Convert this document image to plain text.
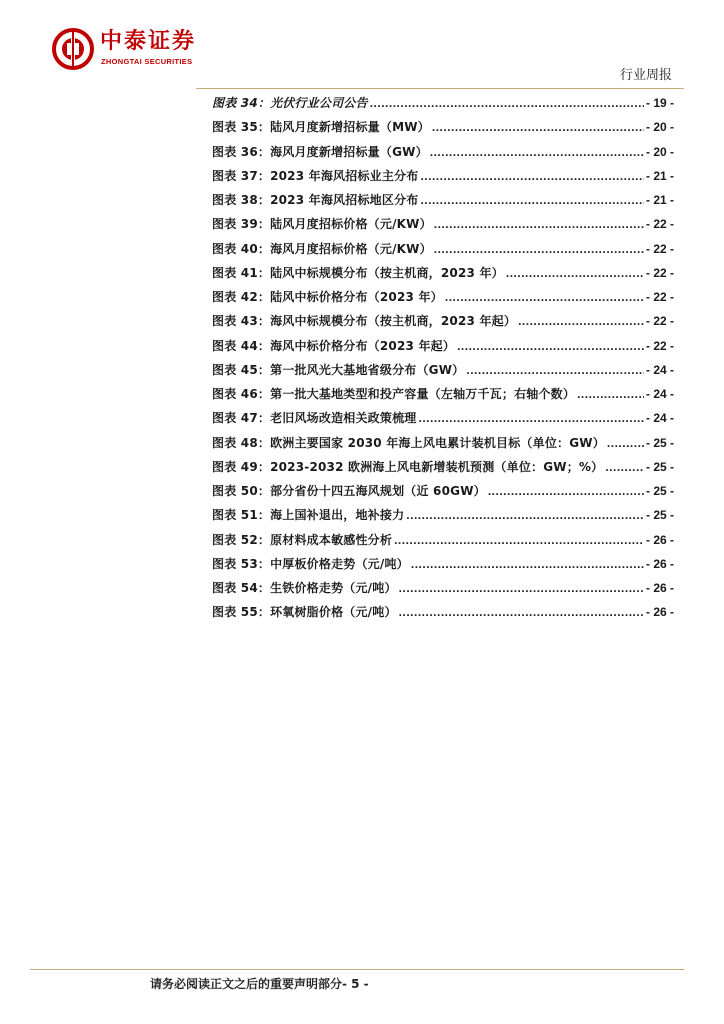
中泰证券
ZHONGTAI SECURITIES
行业周报
图表 34：光伏行业公司公告 .....	- 19 -
图表 35：陆风月度新增招标量（MW） .....	- 20 -
图表 36：海风月度新增招标量（GW） .....	- 20 -
图表 37：2023 年海风招标业主分布 .....	- 21 -
图表 38：2023 年海风招标地区分布 .....	- 21 -
图表 39：陆风月度招标价格（元/KW） .....	- 22 -
图表 40：海风月度招标价格（元/KW） .....	- 22 -
图表 41：陆风中标规模分布（按主机商，2023 年） .....	- 22 -
图表 42：陆风中标价格分布（2023 年） .....	- 22 -
图表 43：海风中标规模分布（按主机商，2023 年起） .....	- 22 -
图表 44：海风中标价格分布（2023 年起） .....	- 22 -
图表 45：第一批风光大基地省级分布（GW） .....	- 24 -
图表 46：第一批大基地类型和投产容量（左轴万千瓦；右轴个数） .....	- 24 -
图表 47：老旧风场改造相关政策梳理 .....	- 24 -
图表 48：欧洲主要国家 2030 年海上风电累计装机目标（单位：GW） .....	- 25 -
图表 49：2023-2032 欧洲海上风电新增装机预测（单位：GW；%） .....	- 25 -
图表 50：部分省份十四五海风规划（近 60GW） .....	- 25 -
图表 51：海上国补退出，地补接力 .....	- 25 -
图表 52：原材料成本敏感性分析 .....	- 26 -
图表 53：中厚板价格走势（元/吨） .....	- 26 -
图表 54：生铁价格走势（元/吨） .....	- 26 -
图表 55：环氧树脂价格（元/吨） .....	- 26 -
请务必阅读正文之后的重要声明部分- 5 -
